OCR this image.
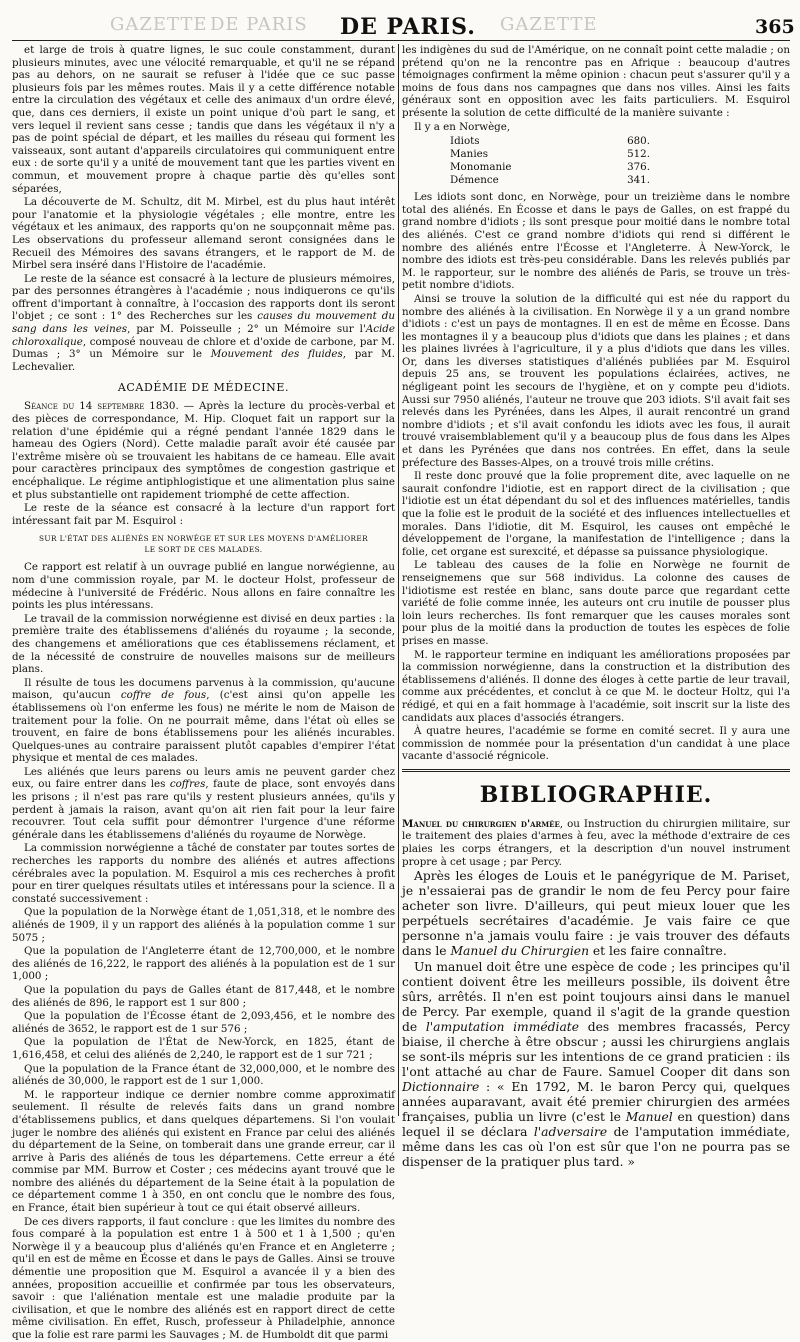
GAZETTE DE PARIS DE PARIS. GAZETTE	365

et large de trois à quatre lignes, le suc coule constamment, durant plusieurs minutes, avec une vélocité remarquable, et qu'il ne se répand pas au dehors, on ne saurait se refuser à l'idée que ce suc passe plusieurs fois par les mêmes routes. Mais il y a cette différence notable entre la circulation des végétaux et celle des animaux d'un ordre élevé, que, dans ces derniers, il existe un point unique d'où part le sang, et vers lequel il revient sans cesse ; tandis que dans les végétaux il n'y a pas de point spécial de départ, et les mailles du réseau qui forment les vaisseaux, sont autant d'appareils circulatoires qui communiquent entre eux : de sorte qu'il y a unité de mouvement tant que les parties vivent en commun, et mouvement propre à chaque partie dès qu'elles sont séparées,

La découverte de M. Schultz, dit M. Mirbel, est du plus haut intérêt pour l'anatomie et la physiologie végétales ; elle montre, entre les végétaux et les animaux, des rapports qu'on ne soupçonnait même pas. Les observations du professeur allemand seront consignées dans le Recueil des Mémoires des savans étrangers, et le rapport de M. de Mirbel sera inséré dans l'Histoire de l'académie.

Le reste de la séance est consacré à la lecture de plusieurs mémoires, par des personnes étrangères à l'académie ; nous indiquerons ce qu'ils offrent d'important à connaître, à l'occasion des rapports dont ils seront l'objet ; ce sont : 1° des Recherches sur les causes du mouvement du sang dans les veines, par M. Poisseulle ; 2° un Mémoire sur l'Acide chloroxalique, composé nouveau de chlore et d'oxide de carbone, par M. Dumas ; 3° un Mémoire sur le Mouvement des fluides, par M. Lechevalier.

ACADÉMIE DE MÉDECINE.

Séance du 14 septembre 1830. — Après la lecture du procès-verbal et des pièces de correspondance, M. Hip. Cloquet fait un rapport sur la relation d'une épidémie qui a régné pendant l'année 1829 dans le hameau des Ogiers (Nord). Cette maladie paraît avoir été causée par l'extrême misère où se trouvaient les habitans de ce hameau. Elle avait pour caractères principaux des symptômes de congestion gastrique et encéphalique. Le régime antiphlogistique et une alimentation plus saine et plus substantielle ont rapidement triomphé de cette affection.

Le reste de la séance est consacré à la lecture d'un rapport fort intéressant fait par M. Esquirol :

SUR L'ÉTAT DES ALIÉNÉS EN NORWÈGE ET SUR LES MOYENS D'AMÉLIORER
LE SORT DE CES MALADES.

Ce rapport est relatif à un ouvrage publié en langue norwégienne, au nom d'une commission royale, par M. le docteur Holst, professeur de médecine à l'université de Frédéric. Nous allons en faire connaître les points les plus intéressans.

Le travail de la commission norwégienne est divisé en deux parties : la première traite des établissemens d'aliénés du royaume ; la seconde, des changemens et améliorations que ces établissemens réclament, et de la nécessité de construire de nouvelles maisons sur de meilleurs plans.

Il résulte de tous les documens parvenus à la commission, qu'aucune maison, qu'aucun coffre de fous, (c'est ainsi qu'on appelle les établissemens où l'on enferme les fous) ne mérite le nom de Maison de traitement pour la folie. On ne pourrait même, dans l'état où elles se trouvent, en faire de bons établissemens pour les aliénés incurables. Quelques-unes au contraire paraissent plutôt capables d'empirer l'état physique et mental de ces malades.

Les aliénés que leurs parens ou leurs amis ne peuvent garder chez eux, ou faire entrer dans les coffres, faute de place, sont envoyés dans les prisons ; il n'est pas rare qu'ils y restent plusieurs années, qu'ils y perdent à jamais la raison, avant qu'on ait rien fait pour la leur faire recouvrer. Tout cela suffit pour démontrer l'urgence d'une réforme générale dans les établissemens d'aliénés du royaume de Norwège.

La commission norwégienne a tâché de constater par toutes sortes de recherches les rapports du nombre des aliénés et autres affections cérébrales avec la population. M. Esquirol a mis ces recherches à profit pour en tirer quelques résultats utiles et intéressans pour la science. Il a constaté successivement :

Que la population de la Norwège étant de 1,051,318, et le nombre des aliénés de 1909, il y un rapport des aliénés à la population comme 1 sur 5075 ;

Que la population de l'Angleterre étant de 12,700,000, et le nombre des aliénés de 16,222, le rapport des aliénés à la population est de 1 sur 1,000 ;

Que la population du pays de Galles étant de 817,448, et le nombre des aliénés de 896, le rapport est 1 sur 800 ;

Que la population de l'Écosse étant de 2,093,456, et le nombre des aliénés de 3652, le rapport est de 1 sur 576 ;

Que la population de l'État de New-Yorck, en 1825, étant de 1,616,458, et celui des aliénés de 2,240, le rapport est de 1 sur 721 ;

Que la population de la France étant de 32,000,000, et le nombre des aliénés de 30,000, le rapport est de 1 sur 1,000.

M. le rapporteur indique ce dernier nombre comme approximatif seulement. Il résulte de relevés faits dans un grand nombre d'établissemens publics, et dans quelques départemens. Si l'on voulait juger le nombre des aliénés qui existent en France par celui des aliénés du département de la Seine, on tomberait dans une grande erreur, car il arrive à Paris des aliénés de tous les départemens. Cette erreur a été commise par MM. Burrow et Coster ; ces médecins ayant trouvé que le nombre des aliénés du département de la Seine était à la population de ce département comme 1 à 350, en ont conclu que le nombre des fous, en France, était bien supérieur à tout ce qui était observé ailleurs.

De ces divers rapports, il faut conclure : que les limites du nombre des fous comparé à la population est entre 1 à 500 et 1 à 1,500 ; qu'en Norwège il y a beaucoup plus d'aliénés qu'en France et en Angleterre ; qu'il en est de même en Écosse et dans le pays de Galles. Ainsi se trouve démentie une proposition que M. Esquirol a avancée il y a bien des années, proposition accueillie et confirmée par tous les observateurs, savoir : que l'aliénation mentale est une maladie produite par la civilisation, et que le nombre des aliénés est en rapport direct de cette même civilisation. En effet, Rusch, professeur à Philadelphie, annonce que la folie est rare parmi les Sauvages ; M. de Humboldt dit que parmi

les indigènes du sud de l'Amérique, on ne connaît point cette maladie ; on prétend qu'on ne la rencontre pas en Afrique : beaucoup d'autres témoignages confirment la même opinion : chacun peut s'assurer qu'il y a moins de fous dans nos campagnes que dans nos villes. Ainsi les faits généraux sont en opposition avec les faits particuliers. M. Esquirol présente la solution de cette difficulté de la manière suivante :

Il y a en Norwège,

Idiots	680.
Manies	512.
Monomanie	376.
Démence	341.

Les idiots sont donc, en Norwège, pour un treizième dans le nombre total des aliénés. En Écosse et dans le pays de Galles, on est frappé du grand nombre d'idiots ; ils sont presque pour moitié dans le nombre total des aliénés. C'est ce grand nombre d'idiots qui rend si différent le nombre des aliénés entre l'Écosse et l'Angleterre. À New-Yorck, le nombre des idiots est très-peu considérable. Dans les relevés publiés par M. le rapporteur, sur le nombre des aliénés de Paris, se trouve un très-petit nombre d'idiots.

Ainsi se trouve la solution de la difficulté qui est née du rapport du nombre des aliénés à la civilisation. En Norwège il y a un grand nombre d'idiots : c'est un pays de montagnes. Il en est de même en Écosse. Dans les montagnes il y a beaucoup plus d'idiots que dans les plaines ; et dans les plaines livrées à l'agriculture, il y a plus d'idiots que dans les villes. Or, dans les diverses statistiques d'aliénés publiées par M. Esquirol depuis 25 ans, se trouvent les populations éclairées, actives, ne négligeant point les secours de l'hygiène, et on y compte peu d'idiots. Aussi sur 7950 aliénés, l'auteur ne trouve que 203 idiots. S'il avait fait ses relevés dans les Pyrénées, dans les Alpes, il aurait rencontré un grand nombre d'idiots ; et s'il avait confondu les idiots avec les fous, il aurait trouvé vraisemblablement qu'il y a beaucoup plus de fous dans les Alpes et dans les Pyrénées que dans nos contrées. En effet, dans la seule préfecture des Basses-Alpes, on a trouvé trois mille crétins.

Il reste donc prouvé que la folie proprement dite, avec laquelle on ne saurait confondre l'idiotie, est en rapport direct de la civilisation ; que l'idiotie est un état dépendant du sol et des influences matérielles, tandis que la folie est le produit de la société et des influences intellectuelles et morales. Dans l'idiotie, dit M. Esquirol, les causes ont empêché le développement de l'organe, la manifestation de l'intelligence ; dans la folie, cet organe est surexcité, et dépasse sa puissance physiologique.

Le tableau des causes de la folie en Norwège ne fournit de renseignemens que sur 568 individus. La colonne des causes de l'idiotisme est restée en blanc, sans doute parce que regardant cette variété de folie comme innée, les auteurs ont cru inutile de pousser plus loin leurs recherches. Ils font remarquer que les causes morales sont pour plus de la moitié dans la production de toutes les espèces de folie prises en masse.

M. le rapporteur termine en indiquant les améliorations proposées par la commission norwégienne, dans la construction et la distribution des établissemens d'aliénés. Il donne des éloges à cette partie de leur travail, comme aux précédentes, et conclut à ce que M. le docteur Holtz, qui l'a rédigé, et qui en a fait hommage à l'académie, soit inscrit sur la liste des candidats aux places d'associés étrangers.

À quatre heures, l'académie se forme en comité secret. Il y aura une commission de nommée pour la présentation d'un candidat à une place vacante d'associé régnicole.

BIBLIOGRAPHIE.

Manuel du chirurgien d'armée, ou Instruction du chirurgien militaire, sur le traitement des plaies d'armes à feu, avec la méthode d'extraire de ces plaies les corps étrangers, et la description d'un nouvel instrument propre à cet usage ; par Percy.

Après les éloges de Louis et le panégyrique de M. Pariset, je n'essaierai pas de grandir le nom de feu Percy pour faire acheter son livre. D'ailleurs, qui peut mieux louer que les perpétuels secrétaires d'académie. Je vais faire ce que personne n'a jamais voulu faire : je vais trouver des défauts dans le Manuel du Chirurgien et les faire connaître.

Un manuel doit être une espèce de code ; les principes qu'il contient doivent être les meilleurs possible, ils doivent être sûrs, arrêtés. Il n'en est point toujours ainsi dans le manuel de Percy. Par exemple, quand il s'agit de la grande question de l'amputation immédiate des membres fracassés, Percy biaise, il cherche à être obscur ; aussi les chirurgiens anglais se sont-ils mépris sur les intentions de ce grand praticien : ils l'ont attaché au char de Faure. Samuel Cooper dit dans son Dictionnaire : « En 1792, M. le baron Percy qui, quelques années auparavant, avait été premier chirurgien des armées françaises, publia un livre (c'est le Manuel en question) dans lequel il se déclara l'adversaire de l'amputation immédiate, même dans les cas où l'on est sûr que l'on ne pourra pas se dispenser de la pratiquer plus tard. »
